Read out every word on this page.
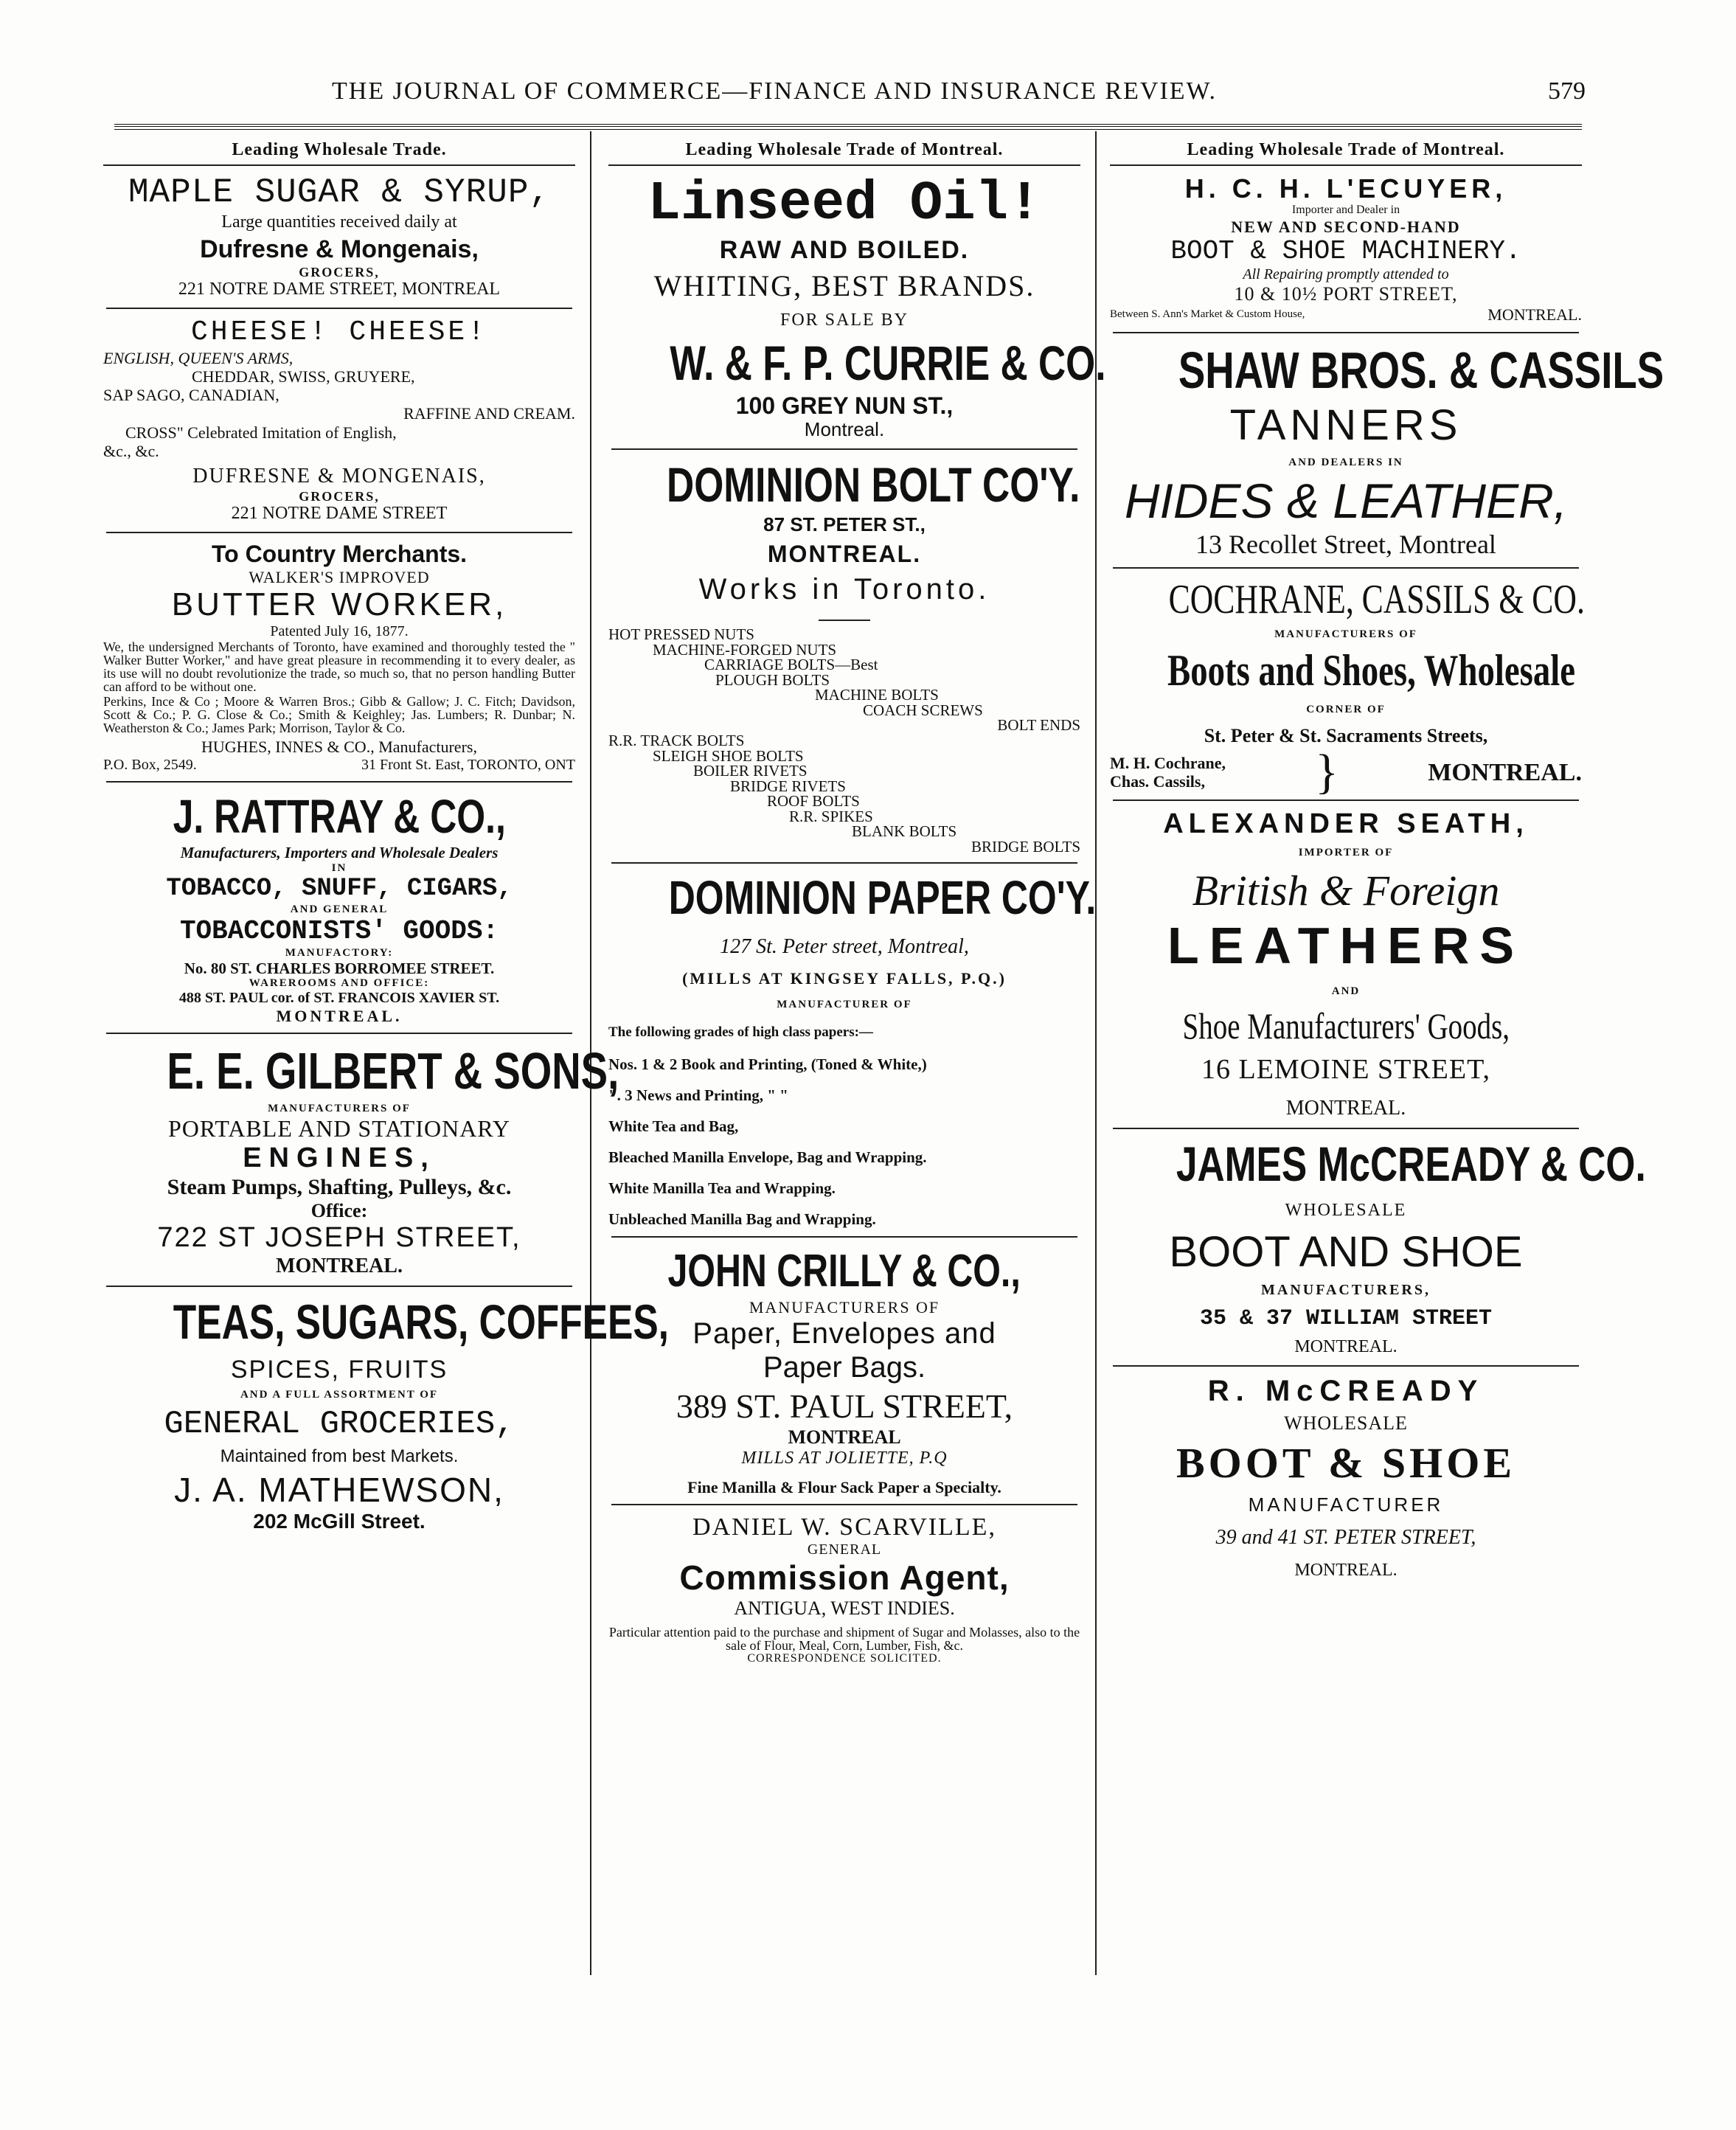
THE JOURNAL OF COMMERCE—FINANCE AND INSURANCE REVIEW.	579
Leading Wholesale Trade.
MAPLE SUGAR & SYRUP,
Large quantities received daily at
Dufresne & Mongenais,
GROCERS,
221 NOTRE DAME STREET, MONTREAL
CHEESE! CHEESE!
ENGLISH, QUEEN'S ARMS,
CHEDDAR, SWISS, GRUYERE,
SAP SAGO, CANADIAN,
RAFFINE AND CREAM.
CROSS" Celebrated Imitation of English,
&c., &c.
DUFRESNE & MONGENAIS,
GROCERS,
221 NOTRE DAME STREET
To Country Merchants.
WALKER'S IMPROVED
BUTTER WORKER,
Patented July 16, 1877.
We, the undersigned Merchants of Toronto, have examined and thoroughly tested the " Walker Butter Worker," and have great pleasure in recommending it to every dealer, as its use will no doubt revolutionize the trade, so much so, that no person handling Butter can afford to be without one.
Perkins, Ince & Co ; Moore & Warren Bros.; Gibb & Gallow; J. C. Fitch; Davidson, Scott & Co.; P. G. Close & Co.; Smith & Keighley; Jas. Lumbers; R. Dunbar; N. Weatherston & Co.; James Park; Morrison, Taylor & Co.
HUGHES, INNES & CO., Manufacturers,
P.O. Box, 2549.	31 Front St. East, TORONTO, ONT
J. RATTRAY & CO.,
Manufacturers, Importers and Wholesale Dealers
IN
TOBACCO, SNUFF, CIGARS,
AND GENERAL
TOBACCONISTS' GOODS:
MANUFACTORY:
No. 80 ST. CHARLES BORROMEE STREET.
WAREROOMS AND OFFICE:
488 ST. PAUL cor. of ST. FRANCOIS XAVIER ST.
MONTREAL.
E. E. GILBERT & SONS,
MANUFACTURERS OF
PORTABLE AND STATIONARY
ENGINES,
Steam Pumps, Shafting, Pulleys, &c.
Office:
722 ST JOSEPH STREET,
MONTREAL.
TEAS, SUGARS, COFFEES,
SPICES, FRUITS
AND A FULL ASSORTMENT OF
GENERAL GROCERIES,
Maintained from best Markets.
J. A. MATHEWSON,
202 McGill Street.
Leading Wholesale Trade of Montreal.
Linseed Oil!
RAW AND BOILED.
WHITING, BEST BRANDS.
FOR SALE BY
W. & F. P. CURRIE & CO.
100 GREY NUN ST.,
Montreal.
DOMINION BOLT CO'Y.
87 ST. PETER ST.,
MONTREAL.
Works in Toronto.
HOT PRESSED NUTS
MACHINE-FORGED NUTS
CARRIAGE BOLTS—Best
PLOUGH BOLTS
MACHINE BOLTS
COACH SCREWS
BOLT ENDS
R.R. TRACK BOLTS
SLEIGH SHOE BOLTS
BOILER RIVETS
BRIDGE RIVETS
ROOF BOLTS
R.R. SPIKES
BLANK BOLTS
BRIDGE BOLTS
DOMINION PAPER CO'Y.
127 St. Peter street, Montreal,
(MILLS AT KINGSEY FALLS, P.Q.)
MANUFACTURER OF
The following grades of high class papers:—
Nos. 1 & 2 Book and Printing, (Toned & White,)
". 3 News and Printing, " "
White Tea and Bag,
Bleached Manilla Envelope, Bag and Wrapping.
White Manilla Tea and Wrapping.
Unbleached Manilla Bag and Wrapping.
JOHN CRILLY & CO.,
MANUFACTURERS OF
Paper, Envelopes and
Paper Bags.
389 ST. PAUL STREET,
MONTREAL
MILLS AT JOLIETTE, P.Q
Fine Manilla & Flour Sack Paper a Specialty.
DANIEL W. SCARVILLE,
GENERAL
Commission Agent,
ANTIGUA, WEST INDIES.
Particular attention paid to the purchase and shipment of Sugar and Molasses, also to the sale of Flour, Meal, Corn, Lumber, Fish, &c.
CORRESPONDENCE SOLICITED.
Leading Wholesale Trade of Montreal.
H. C. H. L'ECUYER,
Importer and Dealer in
NEW AND SECOND-HAND
BOOT & SHOE MACHINERY.
All Repairing promptly attended to
10 & 10½ PORT STREET,
Between S. Ann's Market & Custom House,	MONTREAL.
SHAW BROS. & CASSILS
TANNERS
AND DEALERS IN
HIDES & LEATHER,
13 Recollet Street, Montreal
COCHRANE, CASSILS & CO.
MANUFACTURERS OF
Boots and Shoes, Wholesale
CORNER OF
St. Peter & St. Sacraments Streets,
M. H. Cochrane,
Chas. Cassils,	}	MONTREAL.
ALEXANDER SEATH,
IMPORTER OF
British & Foreign
LEATHERS
AND
Shoe Manufacturers' Goods,
16 LEMOINE STREET,
MONTREAL.
JAMES McCREADY & CO.
WHOLESALE
BOOT AND SHOE
MANUFACTURERS,
35 & 37 WILLIAM STREET
MONTREAL.
R. McCREADY
WHOLESALE
BOOT & SHOE
MANUFACTURER
39 and 41 ST. PETER STREET,
MONTREAL.
